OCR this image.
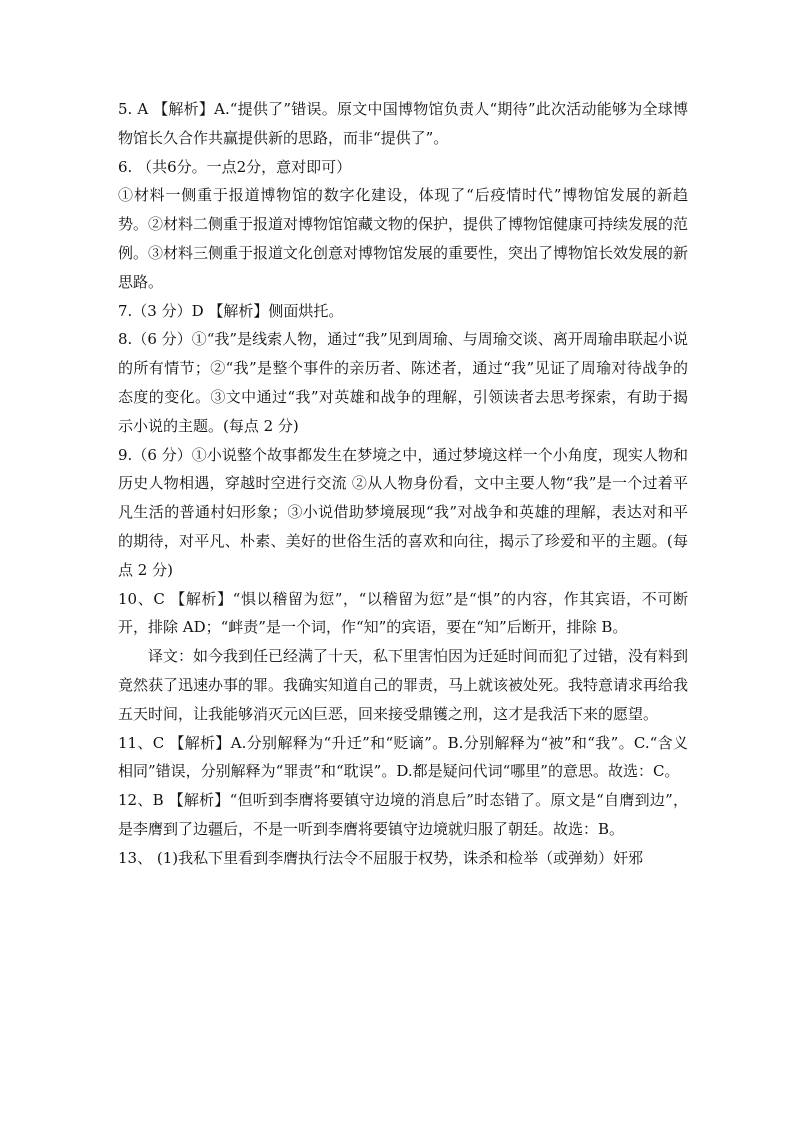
5. A 【解析】A.“提供了”错误。原文中国博物馆负责人“期待”此次活动能够为全球博物馆长久合作共赢提供新的思路，而非“提供了”。

6. （共6分。一点2分，意对即可）

①材料一侧重于报道博物馆的数字化建设，体现了“后疫情时代”博物馆发展的新趋势。②材料二侧重于报道对博物馆馆藏文物的保护，提供了博物馆健康可持续发展的范例。③材料三侧重于报道文化创意对博物馆发展的重要性，突出了博物馆长效发展的新思路。

7.（3 分）D 【解析】侧面烘托。

8.（6 分）①“我”是线索人物，通过“我”见到周瑜、与周瑜交谈、离开周瑜串联起小说的所有情节；②“我”是整个事件的亲历者、陈述者，通过“我”见证了周瑜对待战争的态度的变化。③文中通过“我”对英雄和战争的理解，引领读者去思考探索，有助于揭示小说的主题。(每点 2 分)

9.（6 分）①小说整个故事都发生在梦境之中，通过梦境这样一个小角度，现实人物和历史人物相遇，穿越时空进行交流 ②从人物身份看，文中主要人物“我”是一个过着平凡生活的普通村妇形象；③小说借助梦境展现“我”对战争和英雄的理解，表达对和平的期待，对平凡、朴素、美好的世俗生活的喜欢和向往，揭示了珍爱和平的主题。(每点 2 分)

10、C 【解析】“惧以稽留为愆”，“以稽留为愆”是“惧”的内容，作其宾语，不可断开，排除 AD；“衅责”是一个词，作“知”的宾语，要在“知”后断开，排除 B。

译文：如今我到任已经满了十天，私下里害怕因为迁延时间而犯了过错，没有料到竟然获了迅速办事的罪。我确实知道自己的罪责，马上就该被处死。我特意请求再给我五天时间，让我能够消灭元凶巨恶，回来接受鼎镬之刑，这才是我活下来的愿望。

11、C 【解析】A.分别解释为“升迁”和“贬谪”。B.分别解释为“被”和“我”。C.“含义相同”错误，分别解释为“罪责”和“耽误”。D.都是疑问代词“哪里”的意思。故选：C。

12、B 【解析】“但听到李膺将要镇守边境的消息后”时态错了。原文是“自膺到边”，是李膺到了边疆后，不是一听到李膺将要镇守边境就归服了朝廷。故选：B。

13、 (1)我私下里看到李膺执行法令不屈服于权势，诛杀和检举（或弹劾）奸邪
